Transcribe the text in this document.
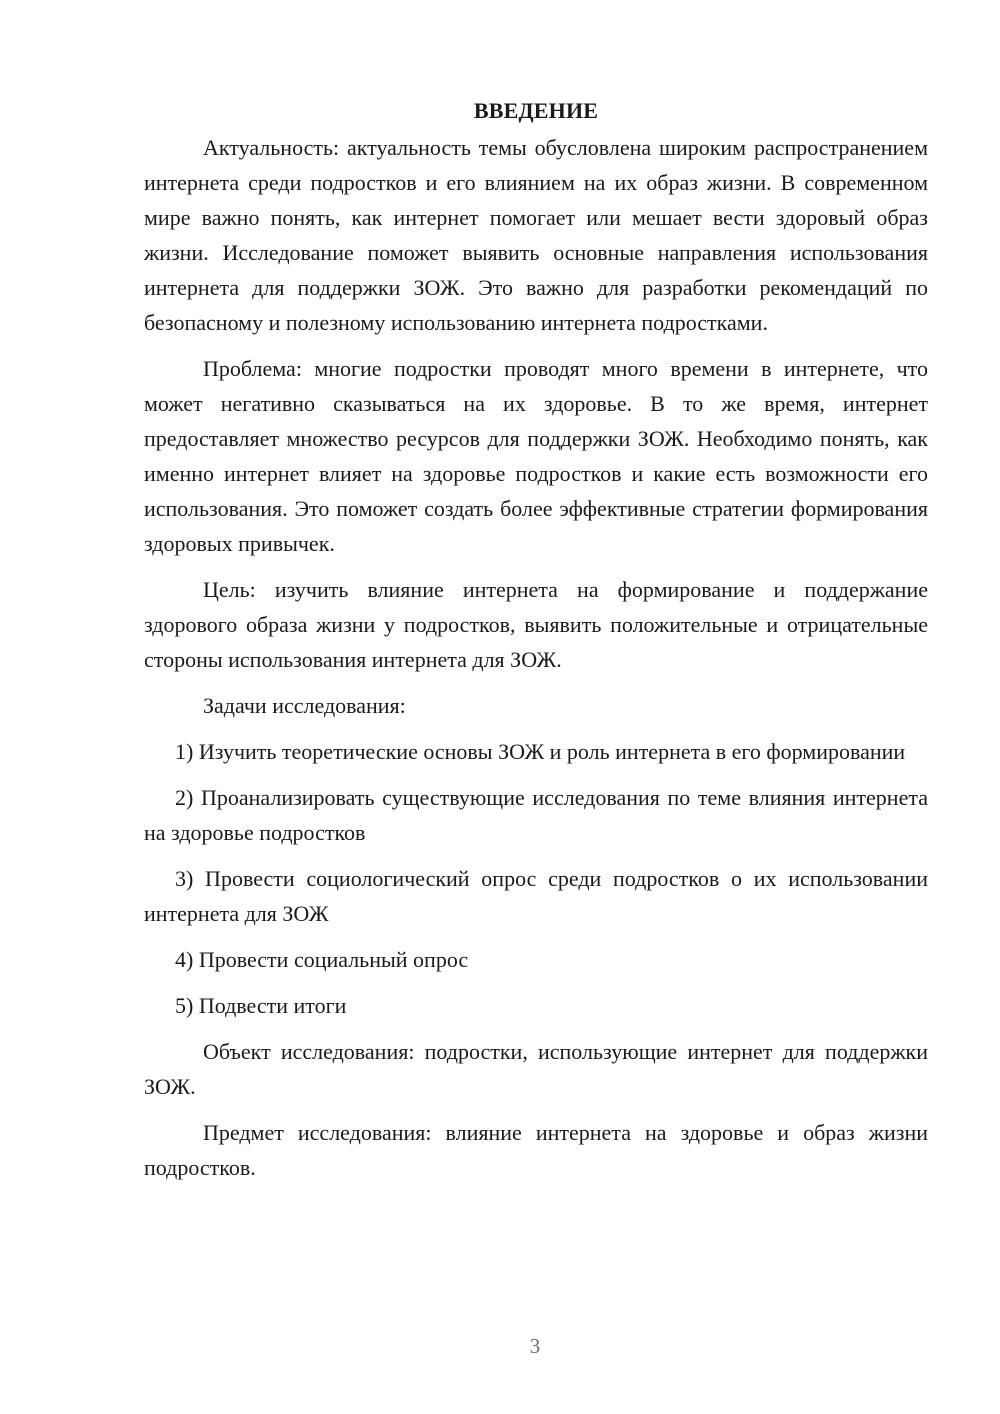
ВВЕДЕНИЕ

Актуальность: актуальность темы обусловлена широким распространением интернета среди подростков и его влиянием на их образ жизни. В современном мире важно понять, как интернет помогает или мешает вести здоровый образ жизни. Исследование поможет выявить основные направления использования интернета для поддержки ЗОЖ. Это важно для разработки рекомендаций по безопасному и полезному использованию интернета подростками.

Проблема: многие подростки проводят много времени в интернете, что может негативно сказываться на их здоровье. В то же время, интернет предоставляет множество ресурсов для поддержки ЗОЖ. Необходимо понять, как именно интернет влияет на здоровье подростков и какие есть возможности его использования. Это поможет создать более эффективные стратегии формирования здоровых привычек.

Цель: изучить влияние интернета на формирование и поддержание здорового образа жизни у подростков, выявить положительные и отрицательные стороны использования интернета для ЗОЖ.

Задачи исследования:

1) Изучить теоретические основы ЗОЖ и роль интернета в его формировании

2) Проанализировать существующие исследования по теме влияния интернета на здоровье подростков

3) Провести социологический опрос среди подростков о их использовании интернета для ЗОЖ

4) Провести социальный опрос

5) Подвести итоги

Объект исследования: подростки, использующие интернет для поддержки ЗОЖ.

Предмет исследования: влияние интернета на здоровье и образ жизни подростков.

3
